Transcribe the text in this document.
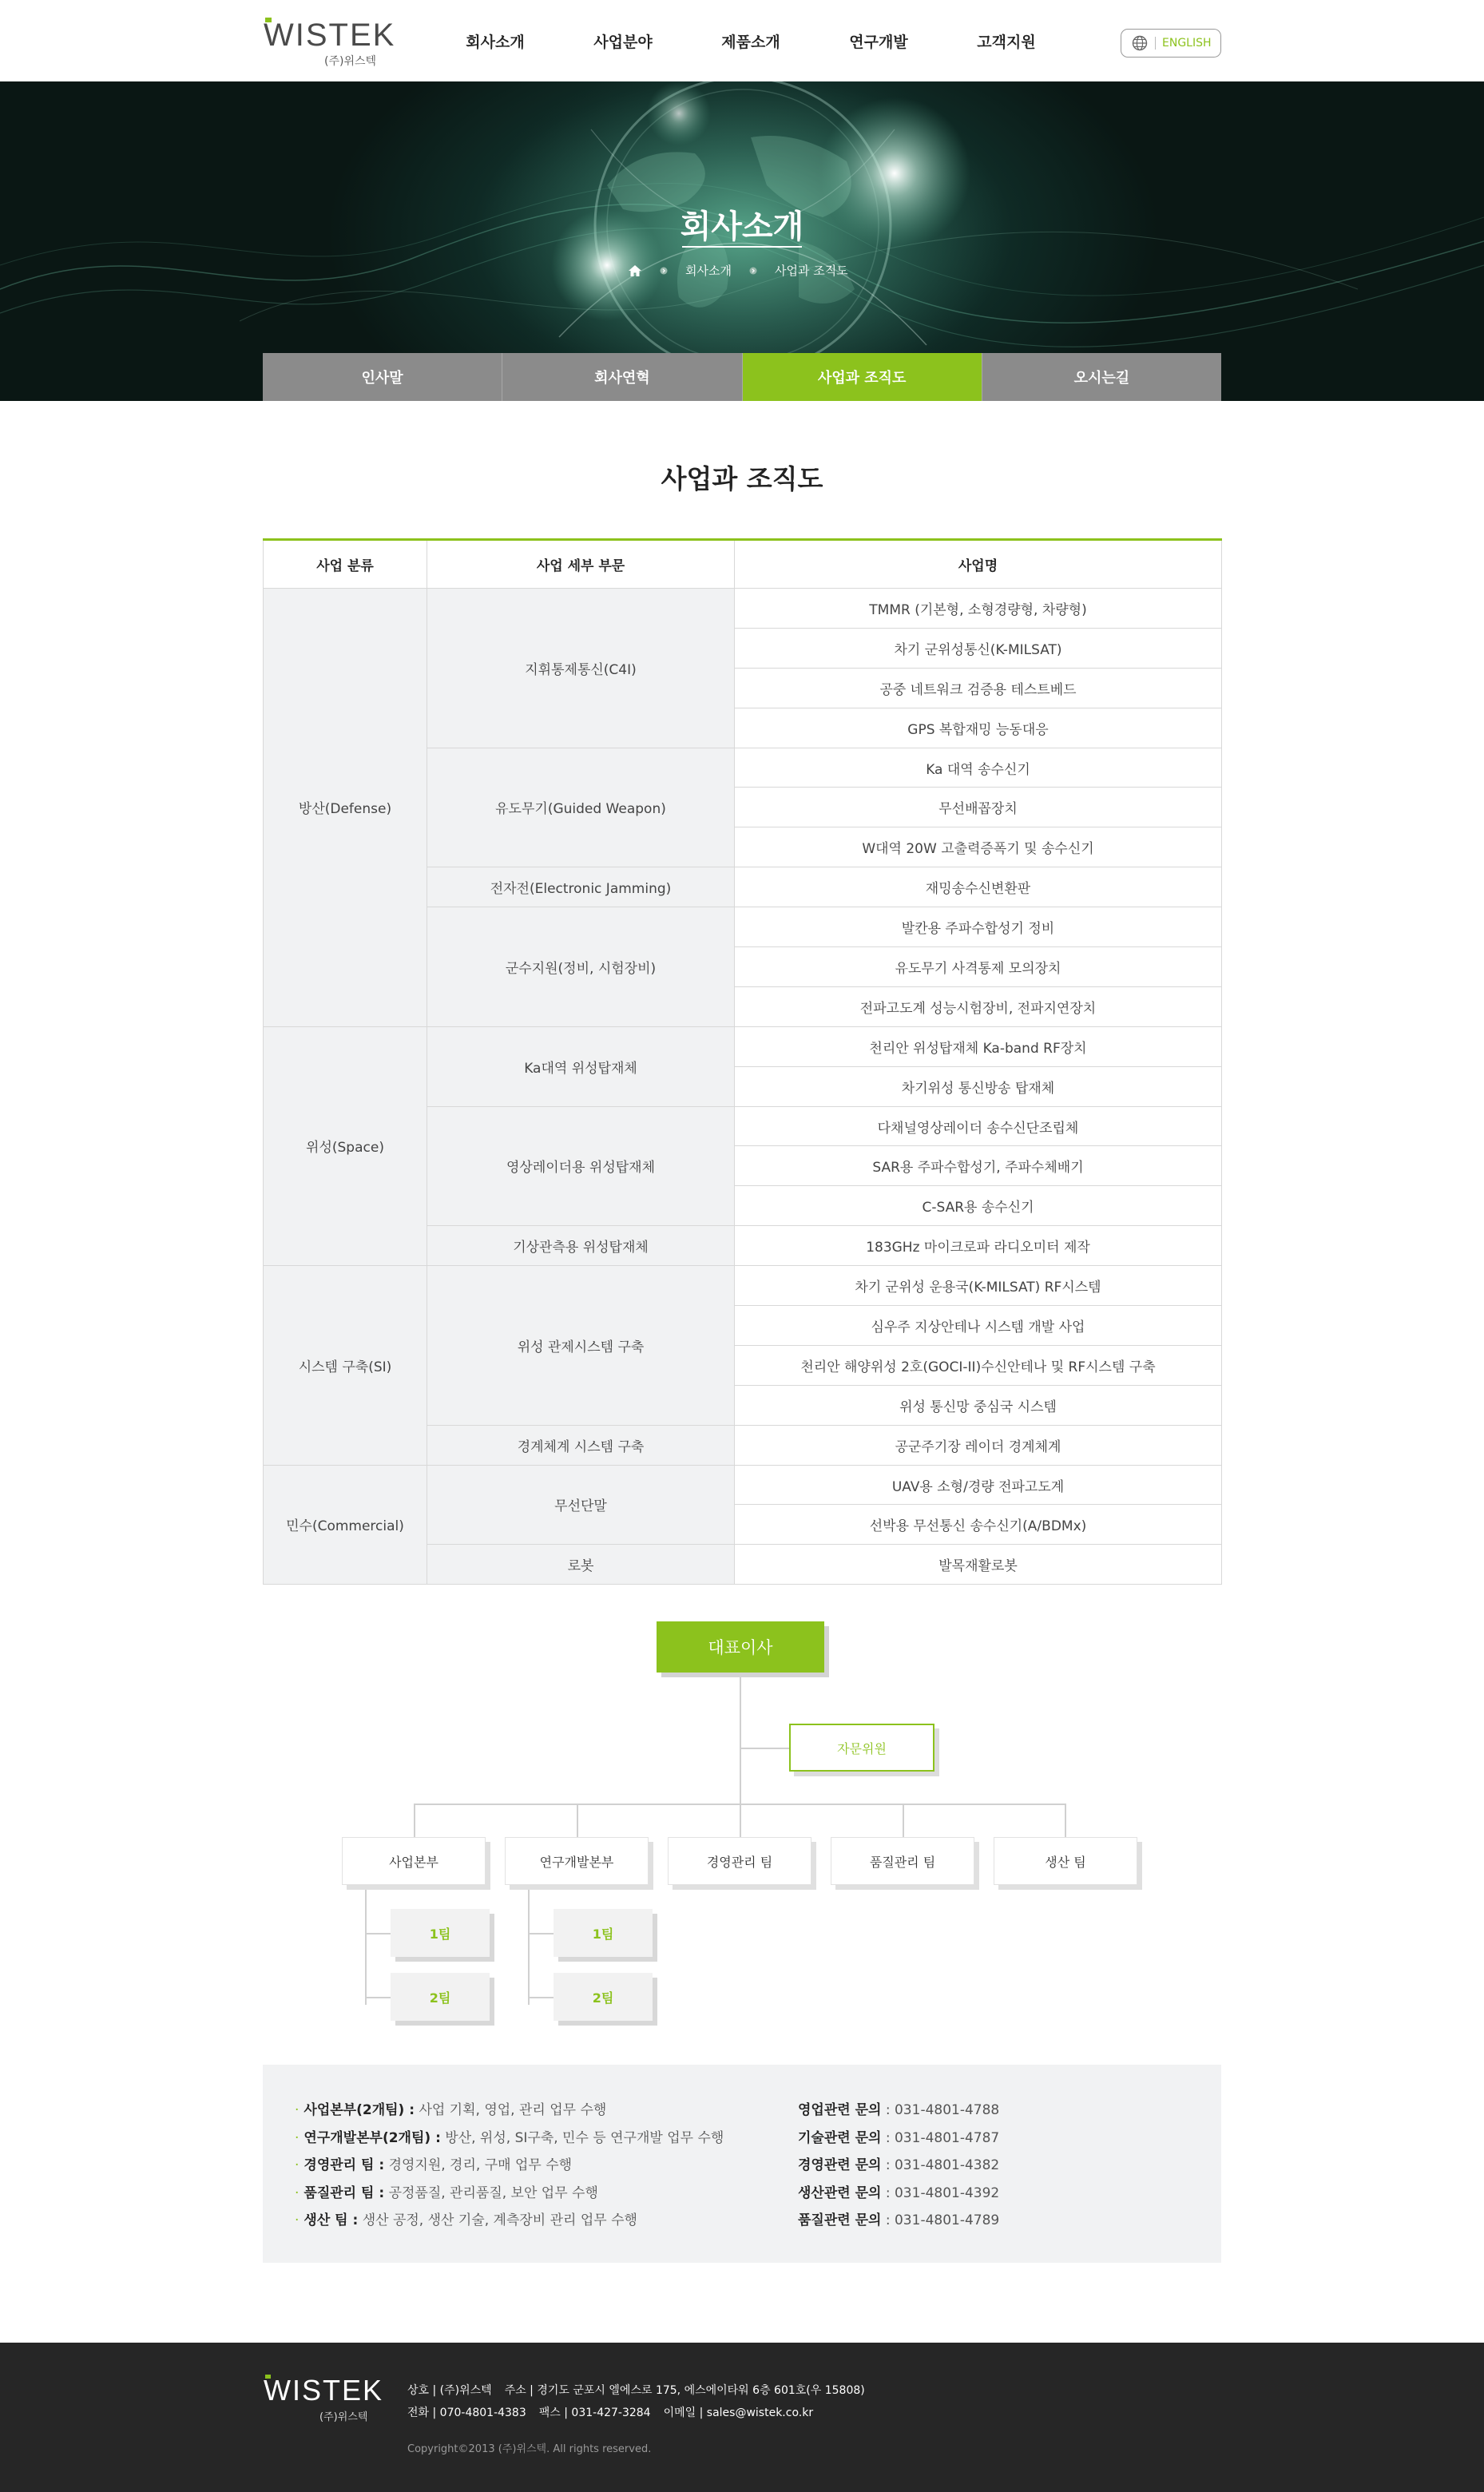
WISTEK
(주)위스텍
회사소개	사업분야	제품소개	연구개발	고객지원	ENGLISH
회사소개
회사소개	사업과 조직도
인사말	회사연혁	사업과 조직도	오시는길
사업과 조직도
사업 분류	사업 세부 부문	사업명
방산(Defense)	지휘통제통신(C4I)	TMMR (기본형, 소형경량형, 차량형)
		차기 군위성통신(K-MILSAT)
		공중 네트워크 검증용 테스트베드
		GPS 복합재밍 능동대응
	유도무기(Guided Weapon)	Ka 대역 송수신기
		무선배꼽장치
		W대역 20W 고출력증폭기 및 송수신기
	전자전(Electronic Jamming)	재밍송수신변환판
	군수지원(정비, 시험장비)	발칸용 주파수합성기 정비
		유도무기 사격통제 모의장치
		전파고도계 성능시험장비, 전파지연장치
위성(Space)	Ka대역 위성탑재체	천리안 위성탑재체 Ka-band RF장치
		차기위성 통신방송 탑재체
	영상레이더용 위성탑재체	다채널영상레이더 송수신단조립체
		SAR용 주파수합성기, 주파수체배기
		C-SAR용 송수신기
	기상관측용 위성탑재체	183GHz 마이크로파 라디오미터 제작
시스템 구축(SI)	위성 관제시스템 구축	차기 군위성 운용국(K-MILSAT) RF시스템
		심우주 지상안테나 시스템 개발 사업
		천리안 해양위성 2호(GOCI-II)수신안테나 및 RF시스템 구축
		위성 통신망 중심국 시스템
	경계체계 시스템 구축	공군주기장 레이더 경계체계
민수(Commercial)	무선단말	UAV용 소형/경량 전파고도계
		선박용 무선통신 송수신기(A/BDMx)
	로봇	발목재활로봇
대표이사
자문위원
사업본부	연구개발본부	경영관리 팀	품질관리 팀	생산 팀
1팀
2팀
1팀
2팀
· 사업본부(2개팀) : 사업 기획, 영업, 관리 업무 수행
· 연구개발본부(2개팀) : 방산, 위성, SI구축, 민수 등 연구개발 업무 수행
· 경영관리 팀 : 경영지원, 경리, 구매 업무 수행
· 품질관리 팀 : 공정품질, 관리품질, 보안 업무 수행
· 생산 팀 : 생산 공정, 생산 기술, 계측장비 관리 업무 수행
영업관련 문의 : 031-4801-4788
기술관련 문의 : 031-4801-4787
경영관련 문의 : 031-4801-4382
생산관련 문의 : 031-4801-4392
품질관련 문의 : 031-4801-4789
WISTEK
(주)위스텍
상호 | (주)위스텍 주소 | 경기도 군포시 엘에스로 175, 에스에이타워 6층 601호(우 15808)
전화 | 070-4801-4383 팩스 | 031-427-3284 이메일 | sales@wistek.co.kr
Copyright©2013 (주)위스텍. All rights reserved.
